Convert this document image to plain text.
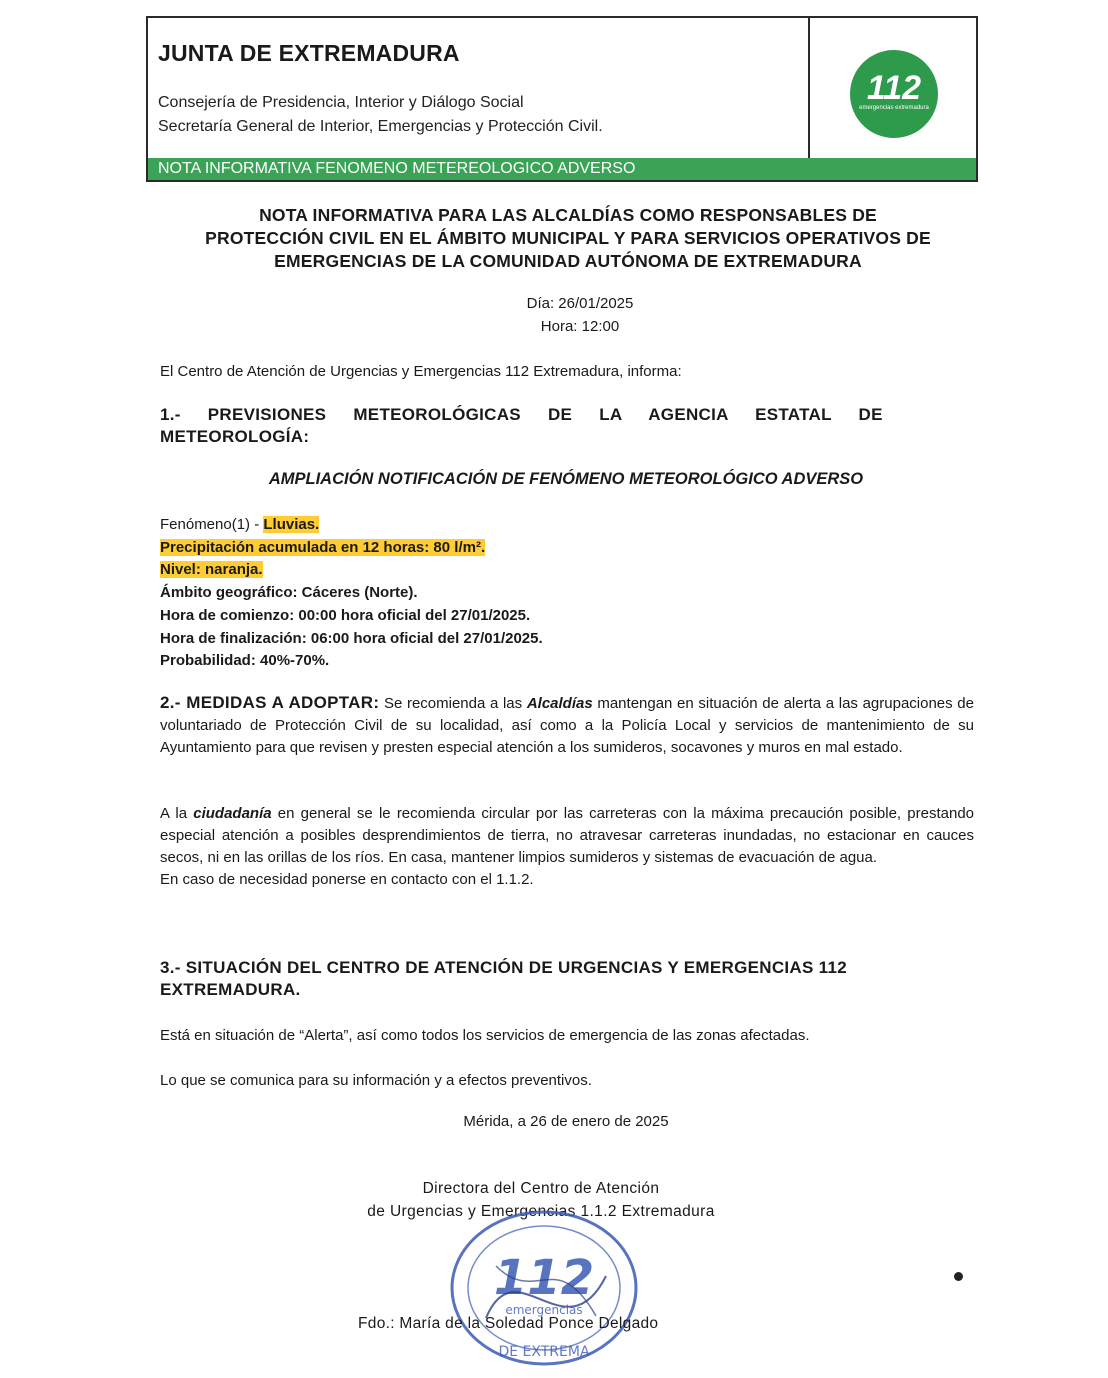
JUNTA DE EXTREMADURA
Consejería de Presidencia, Interior y Diálogo Social
Secretaría General de Interior, Emergencias y Protección Civil.
112
emergencias extremadura
NOTA INFORMATIVA FENOMENO METEREOLOGICO ADVERSO
NOTA INFORMATIVA PARA LAS ALCALDÍAS COMO RESPONSABLES DE
PROTECCIÓN CIVIL EN EL ÁMBITO MUNICIPAL Y PARA SERVICIOS OPERATIVOS DE
EMERGENCIAS DE LA COMUNIDAD AUTÓNOMA DE EXTREMADURA
Día: 26/01/2025
Hora: 12:00
El Centro de Atención de Urgencias y Emergencias 112 Extremadura, informa:
1.- PREVISIONES METEOROLÓGICAS DE LA AGENCIA ESTATAL DE
METEOROLOGÍA:
AMPLIACIÓN NOTIFICACIÓN DE FENÓMENO METEOROLÓGICO ADVERSO
Fenómeno(1) - Lluvias.
Precipitación acumulada en 12 horas: 80 l/m².
Nivel: naranja.
Ámbito geográfico: Cáceres (Norte).
Hora de comienzo: 00:00 hora oficial del 27/01/2025.
Hora de finalización: 06:00 hora oficial del 27/01/2025.
Probabilidad: 40%-70%.
2.- MEDIDAS A ADOPTAR: Se recomienda a las Alcaldías mantengan en situación de alerta a las agrupaciones de voluntariado de Protección Civil de su localidad, así como a la Policía Local y servicios de mantenimiento de su Ayuntamiento para que revisen y presten especial atención a los sumideros, socavones y muros en mal estado.
A la ciudadanía en general se le recomienda circular por las carreteras con la máxima precaución posible, prestando especial atención a posibles desprendimientos de tierra, no atravesar carreteras inundadas, no estacionar en cauces secos, ni en las orillas de los ríos. En casa, mantener limpios sumideros y sistemas de evacuación de agua.
En caso de necesidad ponerse en contacto con el 1.1.2.
3.- SITUACIÓN DEL CENTRO DE ATENCIÓN DE URGENCIAS Y EMERGENCIAS 112
EXTREMADURA.
Está en situación de “Alerta”, así como todos los servicios de emergencia de las zonas afectadas.
Lo que se comunica para su información y a efectos preventivos.
Mérida, a 26 de enero de 2025
Directora del Centro de Atención
de Urgencias y Emergencias 1.1.2 Extremadura
112
emergencias
DE EXTREMA
Fdo.: María de la Soledad Ponce Delgado
